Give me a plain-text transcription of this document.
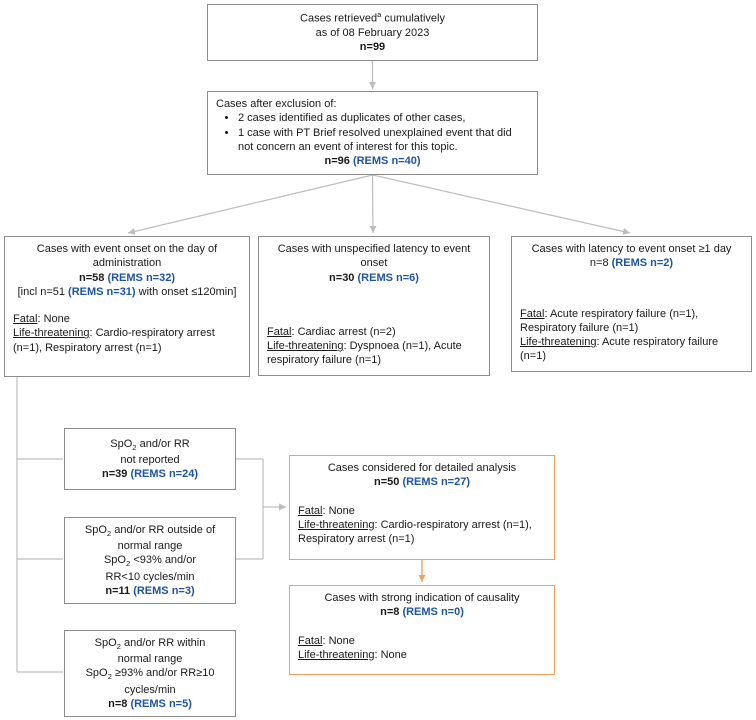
Cases retrieved$^a$ cumulatively
as of 08 February 2023
n=99
Cases after exclusion of:
• 2 cases identified as duplicates of other cases,
• 1 case with PT Brief resolved unexplained event that did not concern an event of interest for this topic.
n=96 (REMS n=40)
Cases with event onset on the day of administration
n=58 (REMS n=32)
[incl n=51 (REMS n=31) with onset ≤120min]
Fatal: None
Life-threatening: Cardio-respiratory arrest (n=1), Respiratory arrest (n=1)
Cases with unspecified latency to event onset
n=30 (REMS n=6)
Fatal: Cardiac arrest (n=2)
Life-threatening: Dyspnoea (n=1), Acute respiratory failure (n=1)
Cases with latency to event onset ≥1 day
n=8 (REMS n=2)
Fatal: Acute respiratory failure (n=1), Respiratory failure (n=1)
Life-threatening: Acute respiratory failure (n=1)
SpO$_2$ and/or RR
not reported
n=39 (REMS n=24)
SpO$_2$ and/or RR outside of
normal range
SpO$_2$ <93% and/or
RR<10 cycles/min
n=11 (REMS n=3)
SpO$_2$ and/or RR within
normal range
SpO$_2$ ≥93% and/or RR≥10
cycles/min
n=8 (REMS n=5)
Cases considered for detailed analysis
n=50 (REMS n=27)
Fatal: None
Life-threatening: Cardio-respiratory arrest (n=1), Respiratory arrest (n=1)
Cases with strong indication of causality
n=8 (REMS n=0)
Fatal: None
Life-threatening: None
